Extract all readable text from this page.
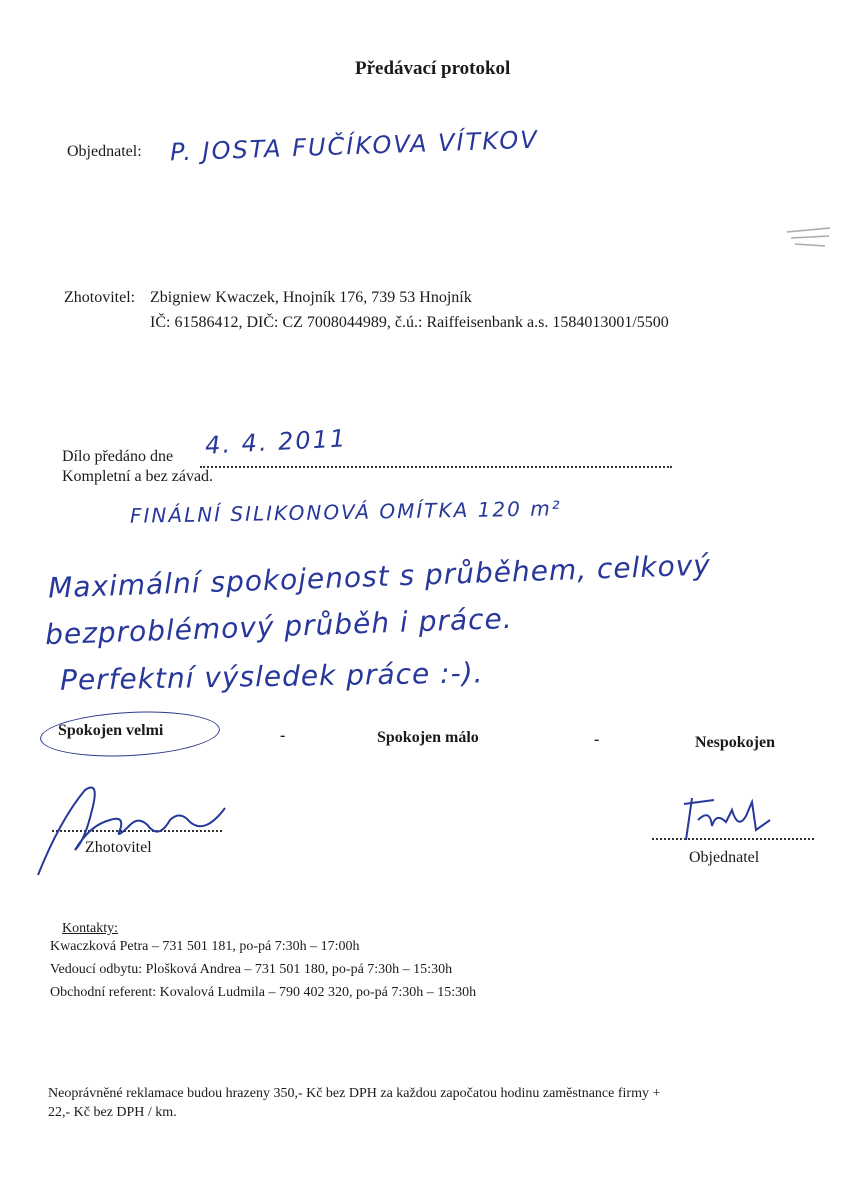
Předávací protokol
Objednatel: P. JOSTA FUČÍKOVA VÍTKOV
Zhotovitel: Zbigniew Kwaczek, Hnojník 176, 739 53 Hnojník
IČ: 61586412, DIČ: CZ 7008044989, č.ú.: Raiffeisenbank a.s. 1584013001/5500
Dílo předáno dne 4. 4. 2011
Kompletní a bez závad.
FINÁLNÍ SILIKONOVÁ OMÍTKA 120 m²
Maximální spokojenost s průběhem, celkový
bezproblémový průběh i práce.
Perfektní výsledek práce :-).
Spokojen velmi	-	Spokojen málo	-	Nespokojen
Zhotovitel
Objednatel
Kontakty:
Kwaczková Petra – 731 501 181, po-pá 7:30h – 17:00h
Vedoucí odbytu: Plošková Andrea – 731 501 180, po-pá 7:30h – 15:30h
Obchodní referent: Kovalová Ludmila – 790 402 320, po-pá 7:30h – 15:30h
Neoprávněné reklamace budou hrazeny 350,- Kč bez DPH za každou započatou hodinu zaměstnance firmy +
22,- Kč bez DPH / km.
